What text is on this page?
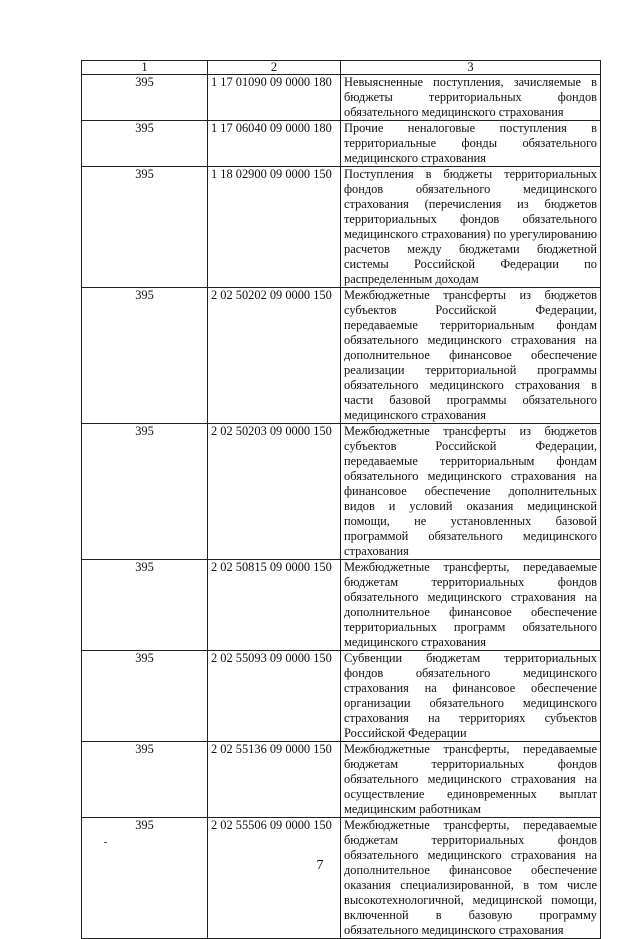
1	2	3
395	1 17 01090 09 0000 180	Невыясненные поступления, зачисляемые в бюджеты территориальных фондов обязательного медицинского страхования
395	1 17 06040 09 0000 180	Прочие неналоговые поступления в территориальные фонды обязательного медицинского страхования
395	1 18 02900 09 0000 150	Поступления в бюджеты территориальных фондов обязательного медицинского страхования (перечисления из бюджетов территориальных фондов обязательного медицинского страхования) по урегулированию расчетов между бюджетами бюджетной системы Российской Федерации по распределенным доходам
395	2 02 50202 09 0000 150	Межбюджетные трансферты из бюджетов субъектов Российской Федерации, передаваемые территориальным фондам обязательного медицинского страхования на дополнительное финансовое обеспечение реализации территориальной программы обязательного медицинского страхования в части базовой программы обязательного медицинского страхования
395	2 02 50203 09 0000 150	Межбюджетные трансферты из бюджетов субъектов Российской Федерации, передаваемые территориальным фондам обязательного медицинского страхования на финансовое обеспечение дополнительных видов и условий оказания медицинской помощи, не установленных базовой программой обязательного медицинского страхования
395	2 02 50815 09 0000 150	Межбюджетные трансферты, передаваемые бюджетам территориальных фондов обязательного медицинского страхования на дополнительное финансовое обеспечение территориальных программ обязательного медицинского страхования
395	2 02 55093 09 0000 150	Субвенции бюджетам территориальных фондов обязательного медицинского страхования на финансовое обеспечение организации обязательного медицинского страхования на территориях субъектов Российской Федерации
395	2 02 55136 09 0000 150	Межбюджетные трансферты, передаваемые бюджетам территориальных фондов обязательного медицинского страхования на осуществление единовременных выплат медицинским работникам
395	2 02 55506 09 0000 150	Межбюджетные трансферты, передаваемые бюджетам территориальных фондов обязательного медицинского страхования на дополнительное финансовое обеспечение оказания специализированной, в том числе высокотехнологичной, медицинской помощи, включенной в базовую программу обязательного медицинского страхования
7
